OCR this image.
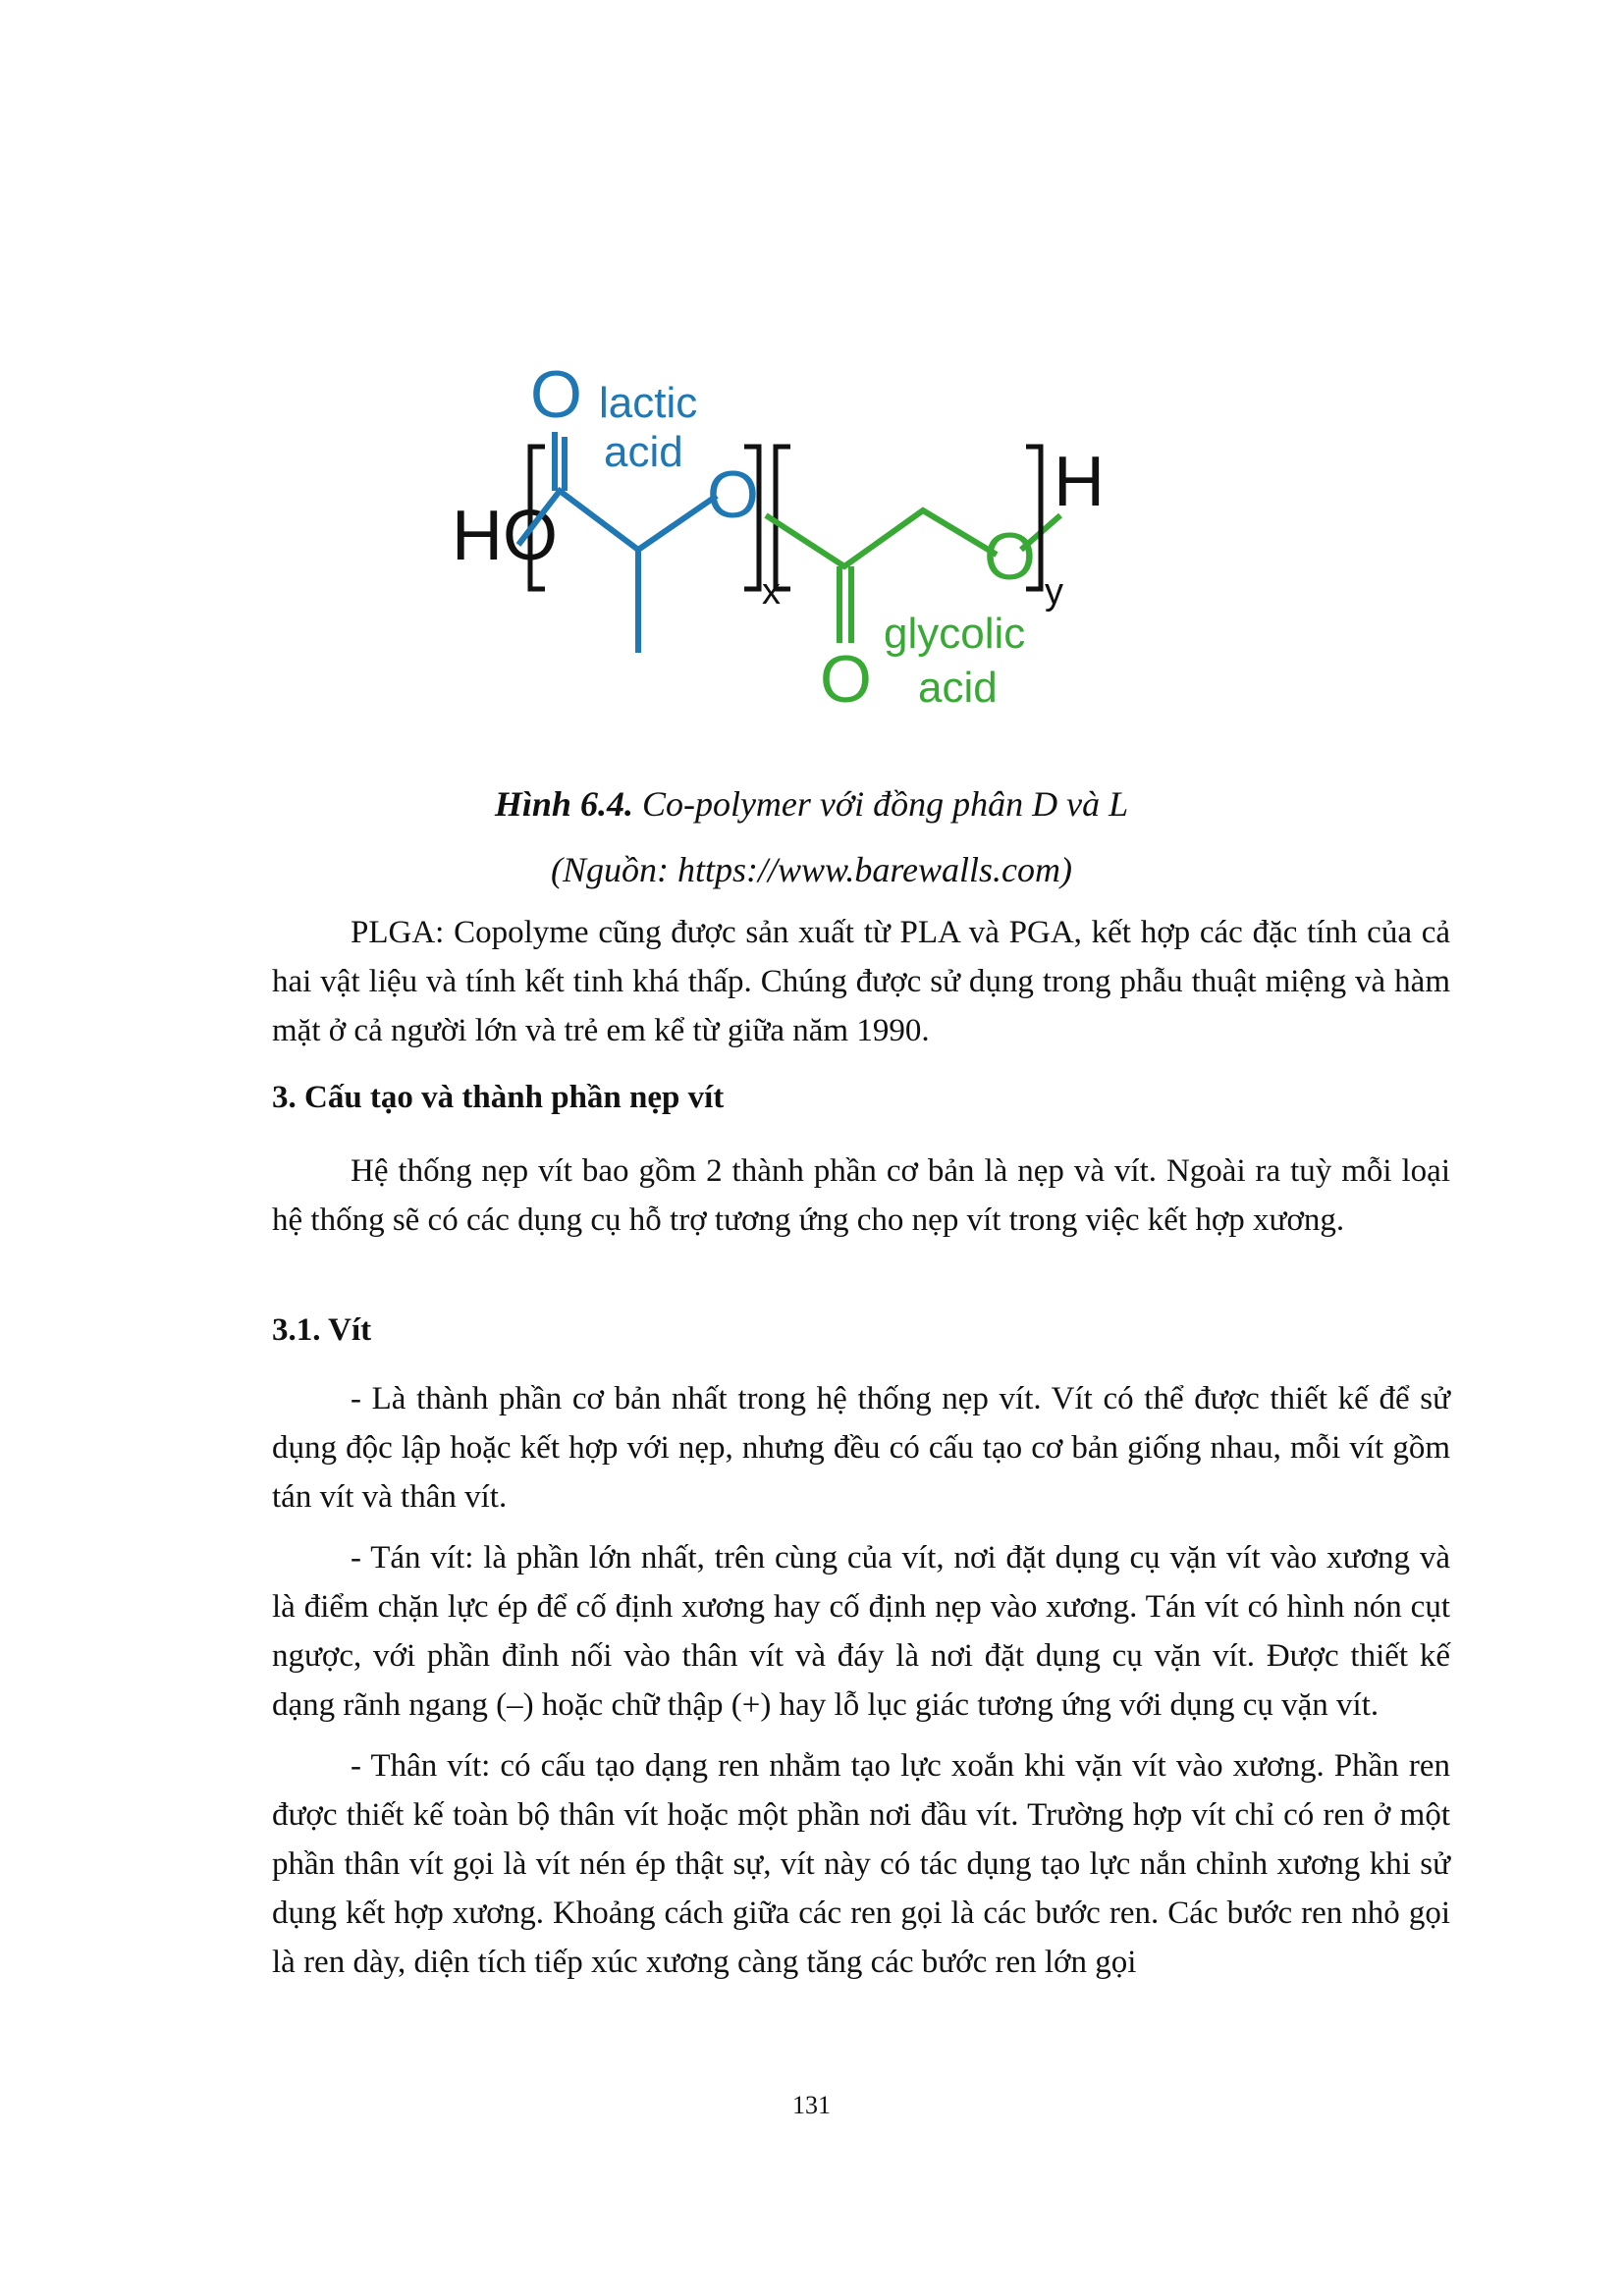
HO
O lactic
acid
O
x
O
glycolic
acid
O y
H
Hình 6.4. Co-polymer với đồng phân D và L
(Nguồn: https://www.barewalls.com)

PLGA: Copolyme cũng được sản xuất từ PLA và PGA, kết hợp các đặc tính của cả hai vật liệu và tính kết tinh khá thấp. Chúng được sử dụng trong phẫu thuật miệng và hàm mặt ở cả người lớn và trẻ em kể từ giữa năm 1990.

3. Cấu tạo và thành phần nẹp vít

Hệ thống nẹp vít bao gồm 2 thành phần cơ bản là nẹp và vít. Ngoài ra tuỳ mỗi loại hệ thống sẽ có các dụng cụ hỗ trợ tương ứng cho nẹp vít trong việc kết hợp xương.

3.1. Vít

- Là thành phần cơ bản nhất trong hệ thống nẹp vít. Vít có thể được thiết kế để sử dụng độc lập hoặc kết hợp với nẹp, nhưng đều có cấu tạo cơ bản giống nhau, mỗi vít gồm tán vít và thân vít.

- Tán vít: là phần lớn nhất, trên cùng của vít, nơi đặt dụng cụ vặn vít vào xương và là điểm chặn lực ép để cố định xương hay cố định nẹp vào xương. Tán vít có hình nón cụt ngược, với phần đỉnh nối vào thân vít và đáy là nơi đặt dụng cụ vặn vít. Được thiết kế dạng rãnh ngang (–) hoặc chữ thập (+) hay lỗ lục giác tương ứng với dụng cụ vặn vít.

- Thân vít: có cấu tạo dạng ren nhằm tạo lực xoắn khi vặn vít vào xương. Phần ren được thiết kế toàn bộ thân vít hoặc một phần nơi đầu vít. Trường hợp vít chỉ có ren ở một phần thân vít gọi là vít nén ép thật sự, vít này có tác dụng tạo lực nắn chỉnh xương khi sử dụng kết hợp xương. Khoảng cách giữa các ren gọi là các bước ren. Các bước ren nhỏ gọi là ren dày, diện tích tiếp xúc xương càng tăng các bước ren lớn gọi

131
